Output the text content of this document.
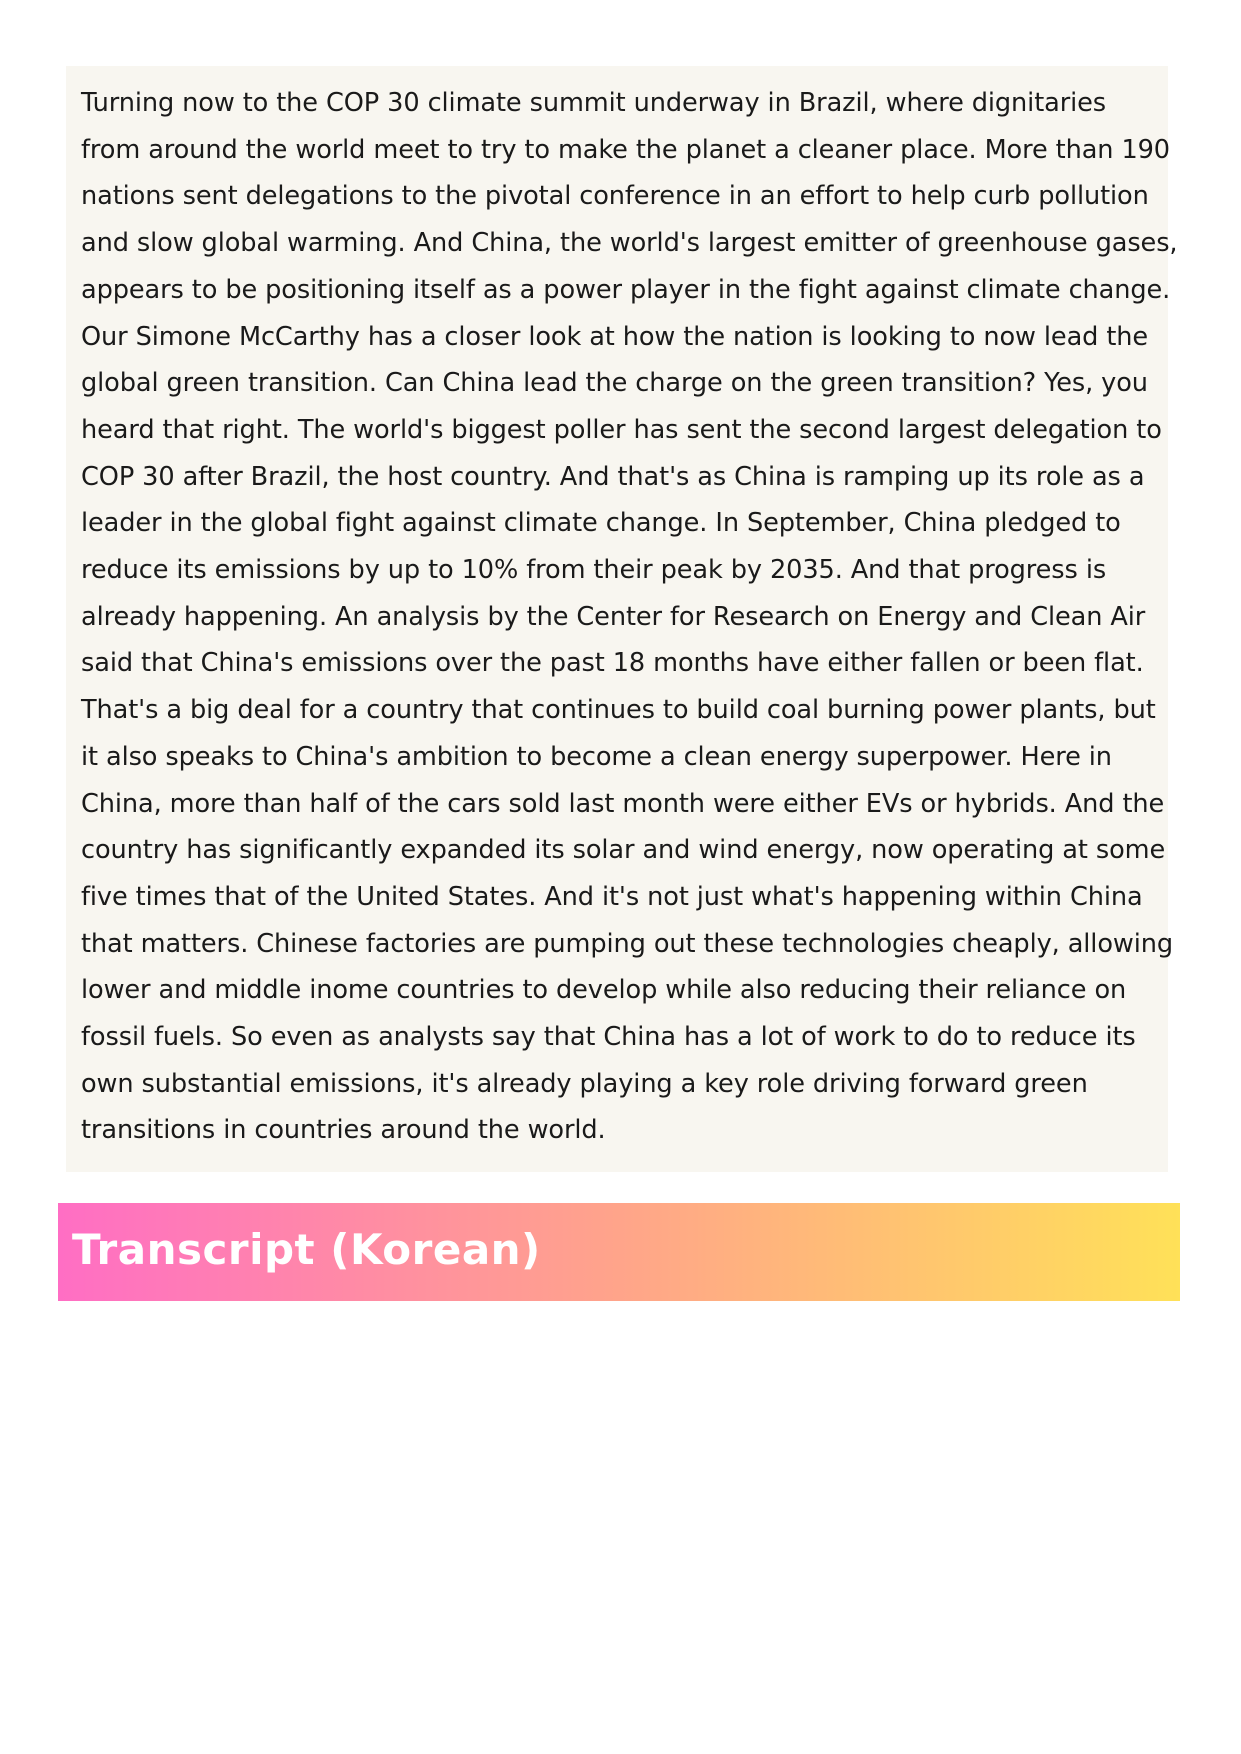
Turning now to the COP 30 climate summit underway in Brazil, where dignitaries
from around the world meet to try to make the planet a cleaner place. More than 190
nations sent delegations to the pivotal conference in an effort to help curb pollution
and slow global warming. And China, the world's largest emitter of greenhouse gases,
appears to be positioning itself as a power player in the fight against climate change.
Our Simone McCarthy has a closer look at how the nation is looking to now lead the
global green transition. Can China lead the charge on the green transition? Yes, you
heard that right. The world's biggest poller has sent the second largest delegation to
COP 30 after Brazil, the host country. And that's as China is ramping up its role as a
leader in the global fight against climate change. In September, China pledged to
reduce its emissions by up to 10% from their peak by 2035. And that progress is
already happening. An analysis by the Center for Research on Energy and Clean Air
said that China's emissions over the past 18 months have either fallen or been flat.
That's a big deal for a country that continues to build coal burning power plants, but
it also speaks to China's ambition to become a clean energy superpower. Here in
China, more than half of the cars sold last month were either EVs or hybrids. And the
country has significantly expanded its solar and wind energy, now operating at some
five times that of the United States. And it's not just what's happening within China
that matters. Chinese factories are pumping out these technologies cheaply, allowing
lower and middle inome countries to develop while also reducing their reliance on
fossil fuels. So even as analysts say that China has a lot of work to do to reduce its
own substantial emissions, it's already playing a key role driving forward green
transitions in countries around the world.
Transcript (Korean)
